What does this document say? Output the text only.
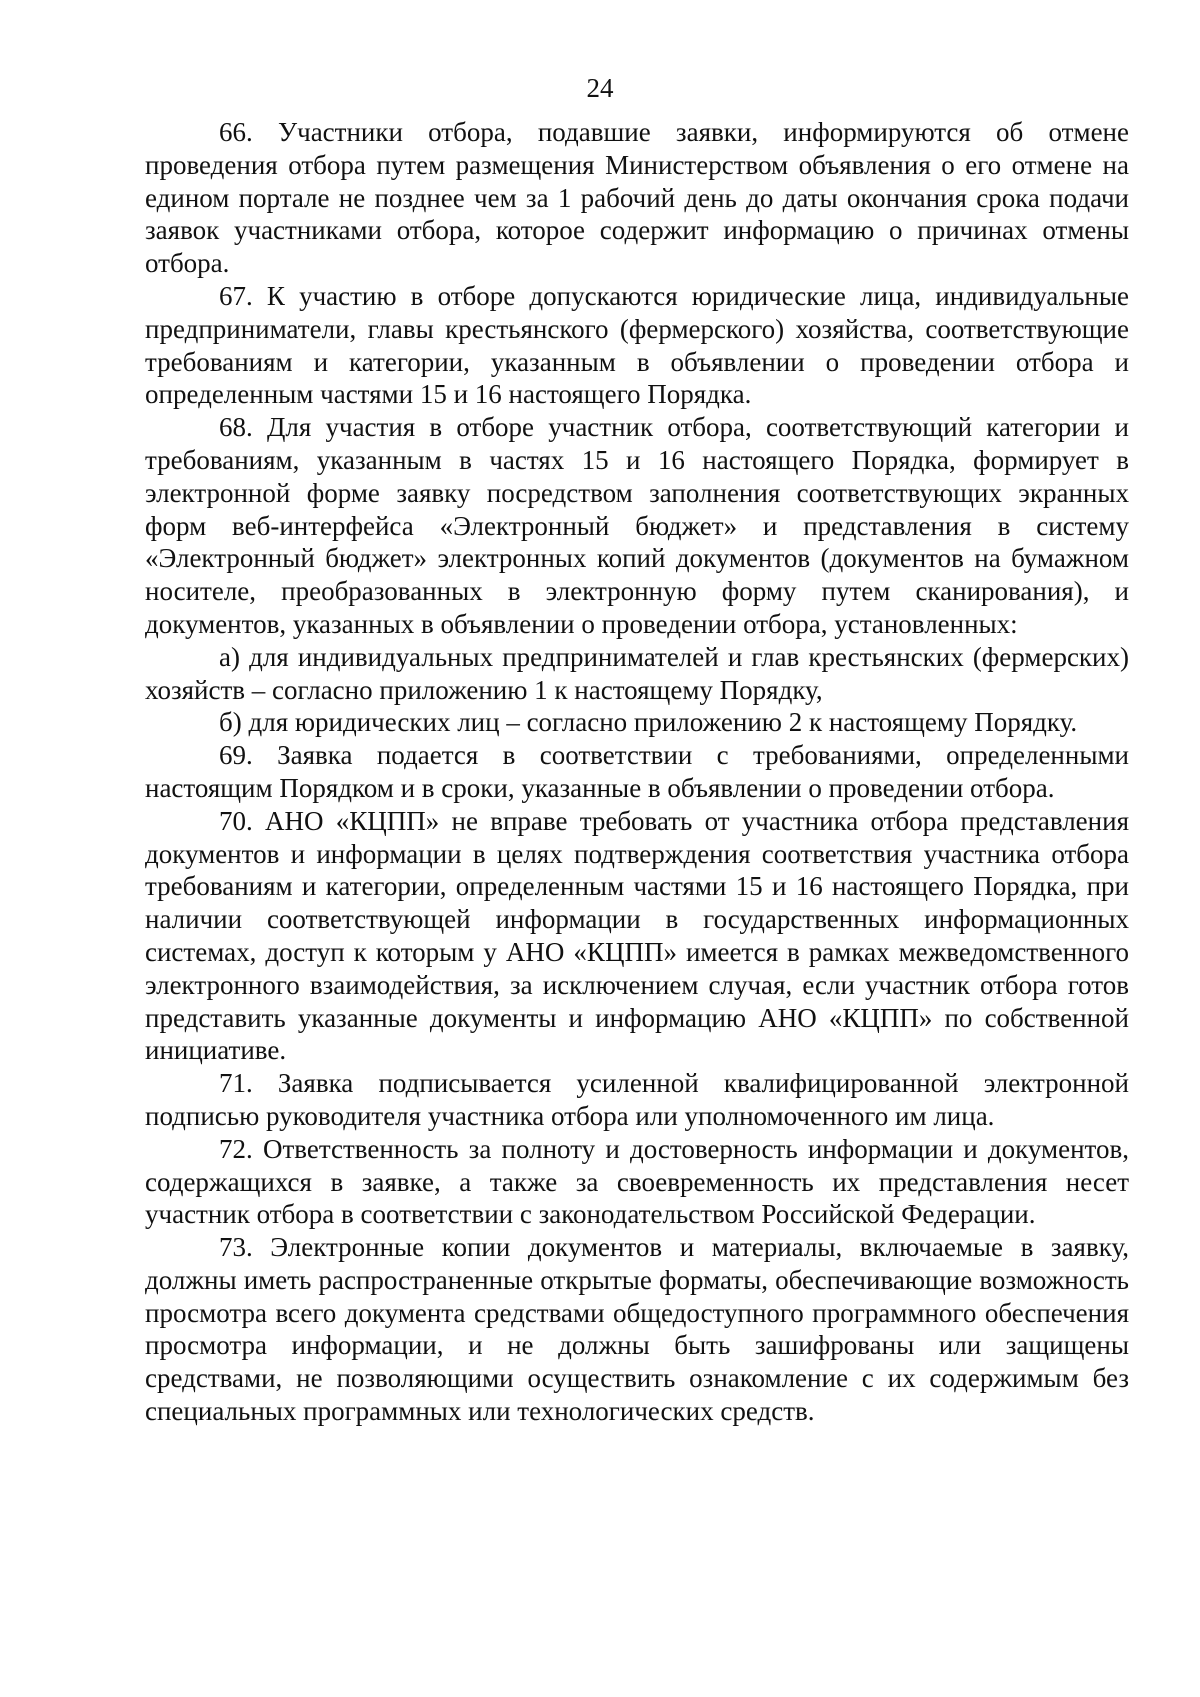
24

66. Участники отбора, подавшие заявки, информируются об отмене проведения отбора путем размещения Министерством объявления о его отмене на едином портале не позднее чем за 1 рабочий день до даты окончания срока подачи заявок участниками отбора, которое содержит информацию о причинах отмены отбора.

67. К участию в отборе допускаются юридические лица, индивидуальные предприниматели, главы крестьянского (фермерского) хозяйства, соответствующие требованиям и категории, указанным в объявлении о проведении отбора и определенным частями 15 и 16 настоящего Порядка.

68. Для участия в отборе участник отбора, соответствующий категории и требованиям, указанным в частях 15 и 16 настоящего Порядка, формирует в электронной форме заявку посредством заполнения соответствующих экранных форм веб-интерфейса «Электронный бюджет» и представления в систему «Электронный бюджет» электронных копий документов (документов на бумажном носителе, преобразованных в электронную форму путем сканирования), и документов, указанных в объявлении о проведении отбора, установленных:

а) для индивидуальных предпринимателей и глав крестьянских (фермерских) хозяйств – согласно приложению 1 к настоящему Порядку,

б) для юридических лиц – согласно приложению 2 к настоящему Порядку.

69. Заявка подается в соответствии с требованиями, определенными настоящим Порядком и в сроки, указанные в объявлении о проведении отбора.

70. АНО «КЦПП» не вправе требовать от участника отбора представления документов и информации в целях подтверждения соответствия участника отбора требованиям и категории, определенным частями 15 и 16 настоящего Порядка, при наличии соответствующей информации в государственных информационных системах, доступ к которым у АНО «КЦПП» имеется в рамках межведомственного электронного взаимодействия, за исключением случая, если участник отбора готов представить указанные документы и информацию АНО «КЦПП» по собственной инициативе.

71. Заявка подписывается усиленной квалифицированной электронной подписью руководителя участника отбора или уполномоченного им лица.

72. Ответственность за полноту и достоверность информации и документов, содержащихся в заявке, а также за своевременность их представления несет участник отбора в соответствии с законодательством Российской Федерации.

73. Электронные копии документов и материалы, включаемые в заявку, должны иметь распространенные открытые форматы, обеспечивающие возможность просмотра всего документа средствами общедоступного программного обеспечения просмотра информации, и не должны быть зашифрованы или защищены средствами, не позволяющими осуществить ознакомление с их содержимым без специальных программных или технологических средств.
